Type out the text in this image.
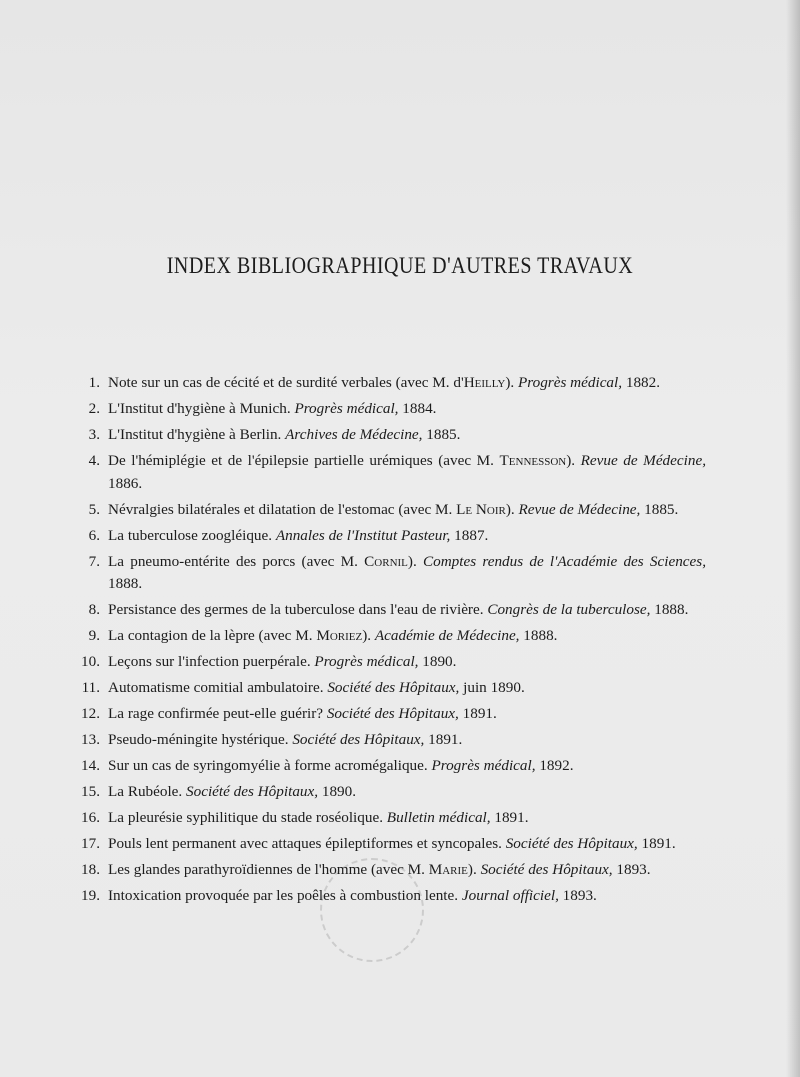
INDEX BIBLIOGRAPHIQUE D'AUTRES TRAVAUX
1. Note sur un cas de cécité et de surdité verbales (avec M. d'Heilly). Progrès médical, 1882.
2. L'Institut d'hygiène à Munich. Progrès médical, 1884.
3. L'Institut d'hygiène à Berlin. Archives de Médecine, 1885.
4. De l'hémiplégie et de l'épilepsie partielle urémiques (avec M. Tennesson). Revue de Médecine, 1886.
5. Névralgies bilatérales et dilatation de l'estomac (avec M. Le Noir). Revue de Médecine, 1885.
6. La tuberculose zoogléique. Annales de l'Institut Pasteur, 1887.
7. La pneumo-entérite des porcs (avec M. Cornil). Comptes rendus de l'Académie des Sciences, 1888.
8. Persistance des germes de la tuberculose dans l'eau de rivière. Congrès de la tuberculose, 1888.
9. La contagion de la lèpre (avec M. Moriez). Académie de Médecine, 1888.
10. Leçons sur l'infection puerpérale. Progrès médical, 1890.
11. Automatisme comitial ambulatoire. Société des Hôpitaux, juin 1890.
12. La rage confirmée peut-elle guérir? Société des Hôpitaux, 1891.
13. Pseudo-méningite hystérique. Société des Hôpitaux, 1891.
14. Sur un cas de syringomyélie à forme acromégalique. Progrès médical, 1892.
15. La Rubéole. Société des Hôpitaux, 1890.
16. La pleurésie syphilitique du stade roséolique. Bulletin médical, 1891.
17. Pouls lent permanent avec attaques épileptiformes et syncopales. Société des Hôpitaux, 1891.
18. Les glandes parathyroïdiennes de l'homme (avec M. Marie). Société des Hôpitaux, 1893.
19. Intoxication provoquée par les poêles à combustion lente. Journal officiel, 1893.
